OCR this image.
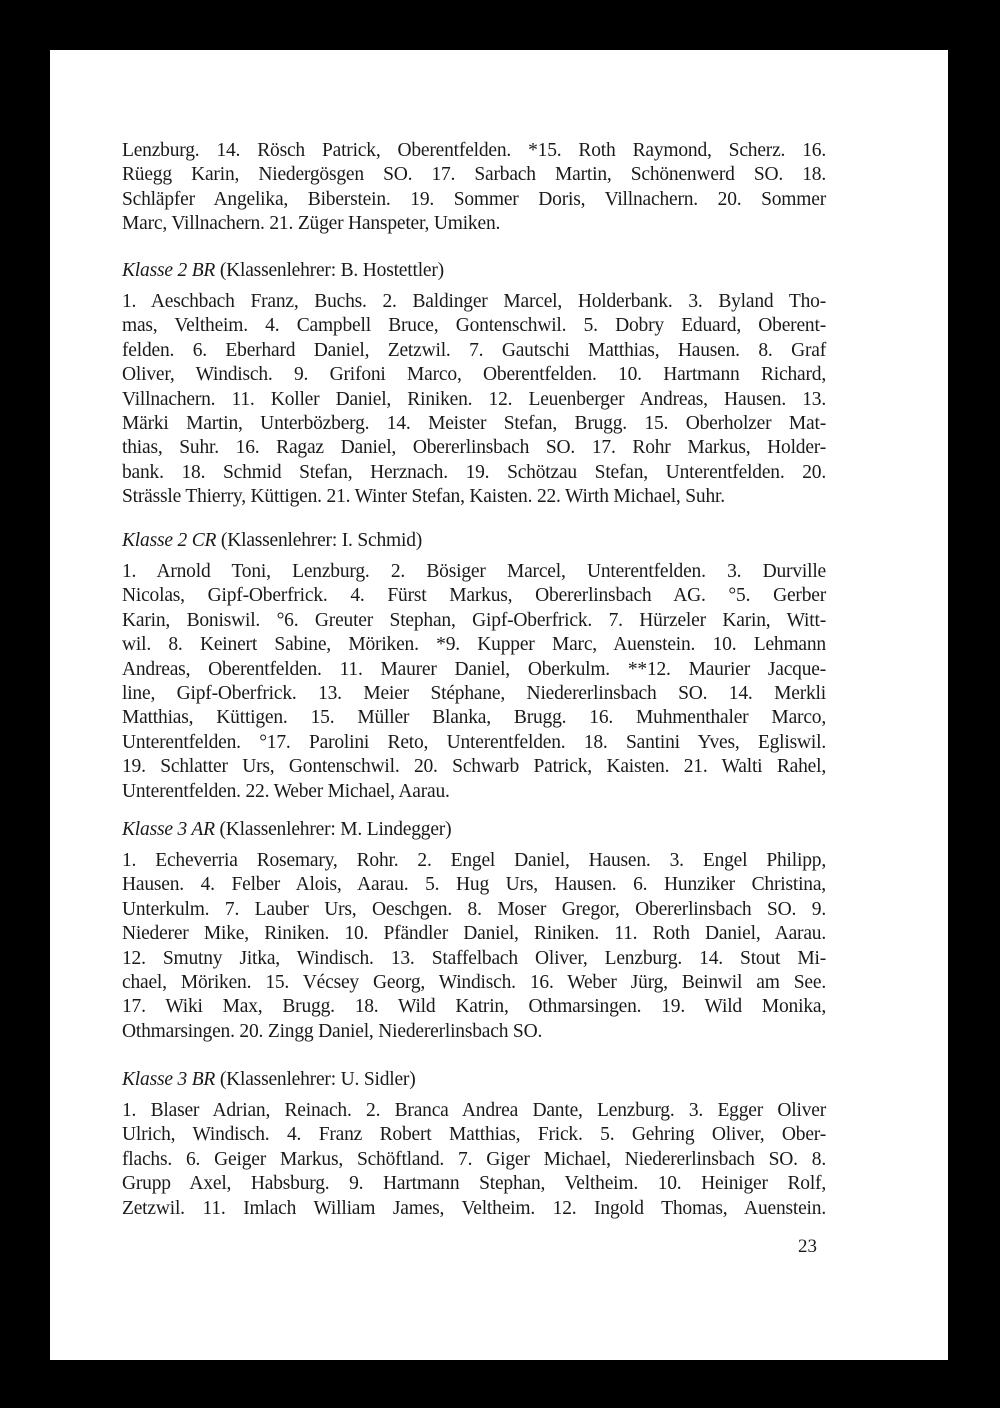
Lenzburg. 14. Rösch Patrick, Oberentfelden. *15. Roth Raymond, Scherz. 16.
Rüegg Karin, Niedergösgen SO. 17. Sarbach Martin, Schönenwerd SO. 18.
Schläpfer Angelika, Biberstein. 19. Sommer Doris, Villnachern. 20. Sommer
Marc, Villnachern. 21. Züger Hanspeter, Umiken.
Klasse 2 BR (Klassenlehrer: B. Hostettler)
1. Aeschbach Franz, Buchs. 2. Baldinger Marcel, Holderbank. 3. Byland Tho-
mas, Veltheim. 4. Campbell Bruce, Gontenschwil. 5. Dobry Eduard, Oberent-
felden. 6. Eberhard Daniel, Zetzwil. 7. Gautschi Matthias, Hausen. 8. Graf
Oliver, Windisch. 9. Grifoni Marco, Oberentfelden. 10. Hartmann Richard,
Villnachern. 11. Koller Daniel, Riniken. 12. Leuenberger Andreas, Hausen. 13.
Märki Martin, Unterbözberg. 14. Meister Stefan, Brugg. 15. Oberholzer Mat-
thias, Suhr. 16. Ragaz Daniel, Obererlinsbach SO. 17. Rohr Markus, Holder-
bank. 18. Schmid Stefan, Herznach. 19. Schötzau Stefan, Unterentfelden. 20.
Strässle Thierry, Küttigen. 21. Winter Stefan, Kaisten. 22. Wirth Michael, Suhr.
Klasse 2 CR (Klassenlehrer: I. Schmid)
1. Arnold Toni, Lenzburg. 2. Bösiger Marcel, Unterentfelden. 3. Durville
Nicolas, Gipf-Oberfrick. 4. Fürst Markus, Obererlinsbach AG. °5. Gerber
Karin, Boniswil. °6. Greuter Stephan, Gipf-Oberfrick. 7. Hürzeler Karin, Witt-
wil. 8. Keinert Sabine, Möriken. *9. Kupper Marc, Auenstein. 10. Lehmann
Andreas, Oberentfelden. 11. Maurer Daniel, Oberkulm. **12. Maurier Jacque-
line, Gipf-Oberfrick. 13. Meier Stéphane, Niedererlinsbach SO. 14. Merkli
Matthias, Küttigen. 15. Müller Blanka, Brugg. 16. Muhmenthaler Marco,
Unterentfelden. °17. Parolini Reto, Unterentfelden. 18. Santini Yves, Egliswil.
19. Schlatter Urs, Gontenschwil. 20. Schwarb Patrick, Kaisten. 21. Walti Rahel,
Unterentfelden. 22. Weber Michael, Aarau.
Klasse 3 AR (Klassenlehrer: M. Lindegger)
1. Echeverria Rosemary, Rohr. 2. Engel Daniel, Hausen. 3. Engel Philipp,
Hausen. 4. Felber Alois, Aarau. 5. Hug Urs, Hausen. 6. Hunziker Christina,
Unterkulm. 7. Lauber Urs, Oeschgen. 8. Moser Gregor, Obererlinsbach SO. 9.
Niederer Mike, Riniken. 10. Pfändler Daniel, Riniken. 11. Roth Daniel, Aarau.
12. Smutny Jitka, Windisch. 13. Staffelbach Oliver, Lenzburg. 14. Stout Mi-
chael, Möriken. 15. Vécsey Georg, Windisch. 16. Weber Jürg, Beinwil am See.
17. Wiki Max, Brugg. 18. Wild Katrin, Othmarsingen. 19. Wild Monika,
Othmarsingen. 20. Zingg Daniel, Niedererlinsbach SO.
Klasse 3 BR (Klassenlehrer: U. Sidler)
1. Blaser Adrian, Reinach. 2. Branca Andrea Dante, Lenzburg. 3. Egger Oliver
Ulrich, Windisch. 4. Franz Robert Matthias, Frick. 5. Gehring Oliver, Ober-
flachs. 6. Geiger Markus, Schöftland. 7. Giger Michael, Niedererlinsbach SO. 8.
Grupp Axel, Habsburg. 9. Hartmann Stephan, Veltheim. 10. Heiniger Rolf,
Zetzwil. 11. Imlach William James, Veltheim. 12. Ingold Thomas, Auenstein.
23
